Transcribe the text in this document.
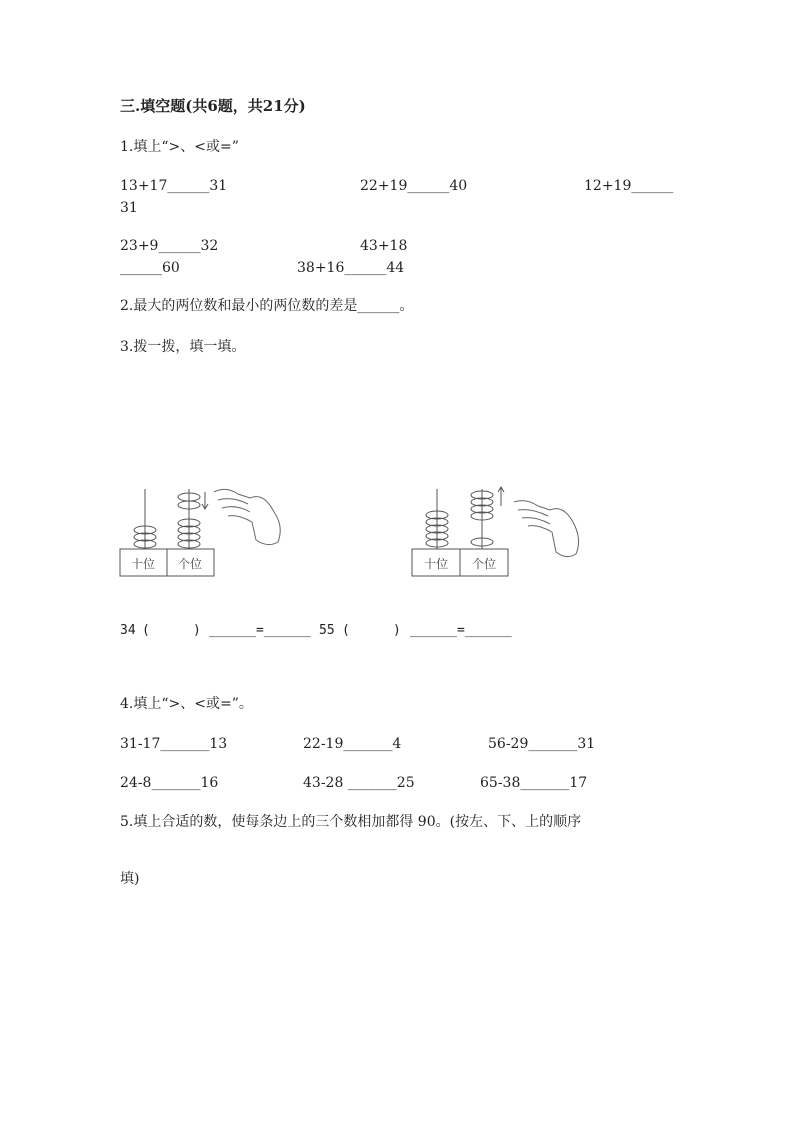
三.填空题(共6题，共21分)
1.填上“>、<或=”
13+17______31	22+19______40	12+19______
31
23+9______32	43+18
______60	38+16______44
2.最大的两位数和最小的两位数的差是______。
3.拨一拨，填一填。
十位 个位	十位 个位
34 (	) ______=______ 55 (	) ______=______
4.填上“>、<或=”。
31-17_______13	22-19_______4	56-29_______31
24-8_______16	43-28 _______25	65-38_______17
5.填上合适的数，使每条边上的三个数相加都得 90。(按左、下、上的顺序
填)
